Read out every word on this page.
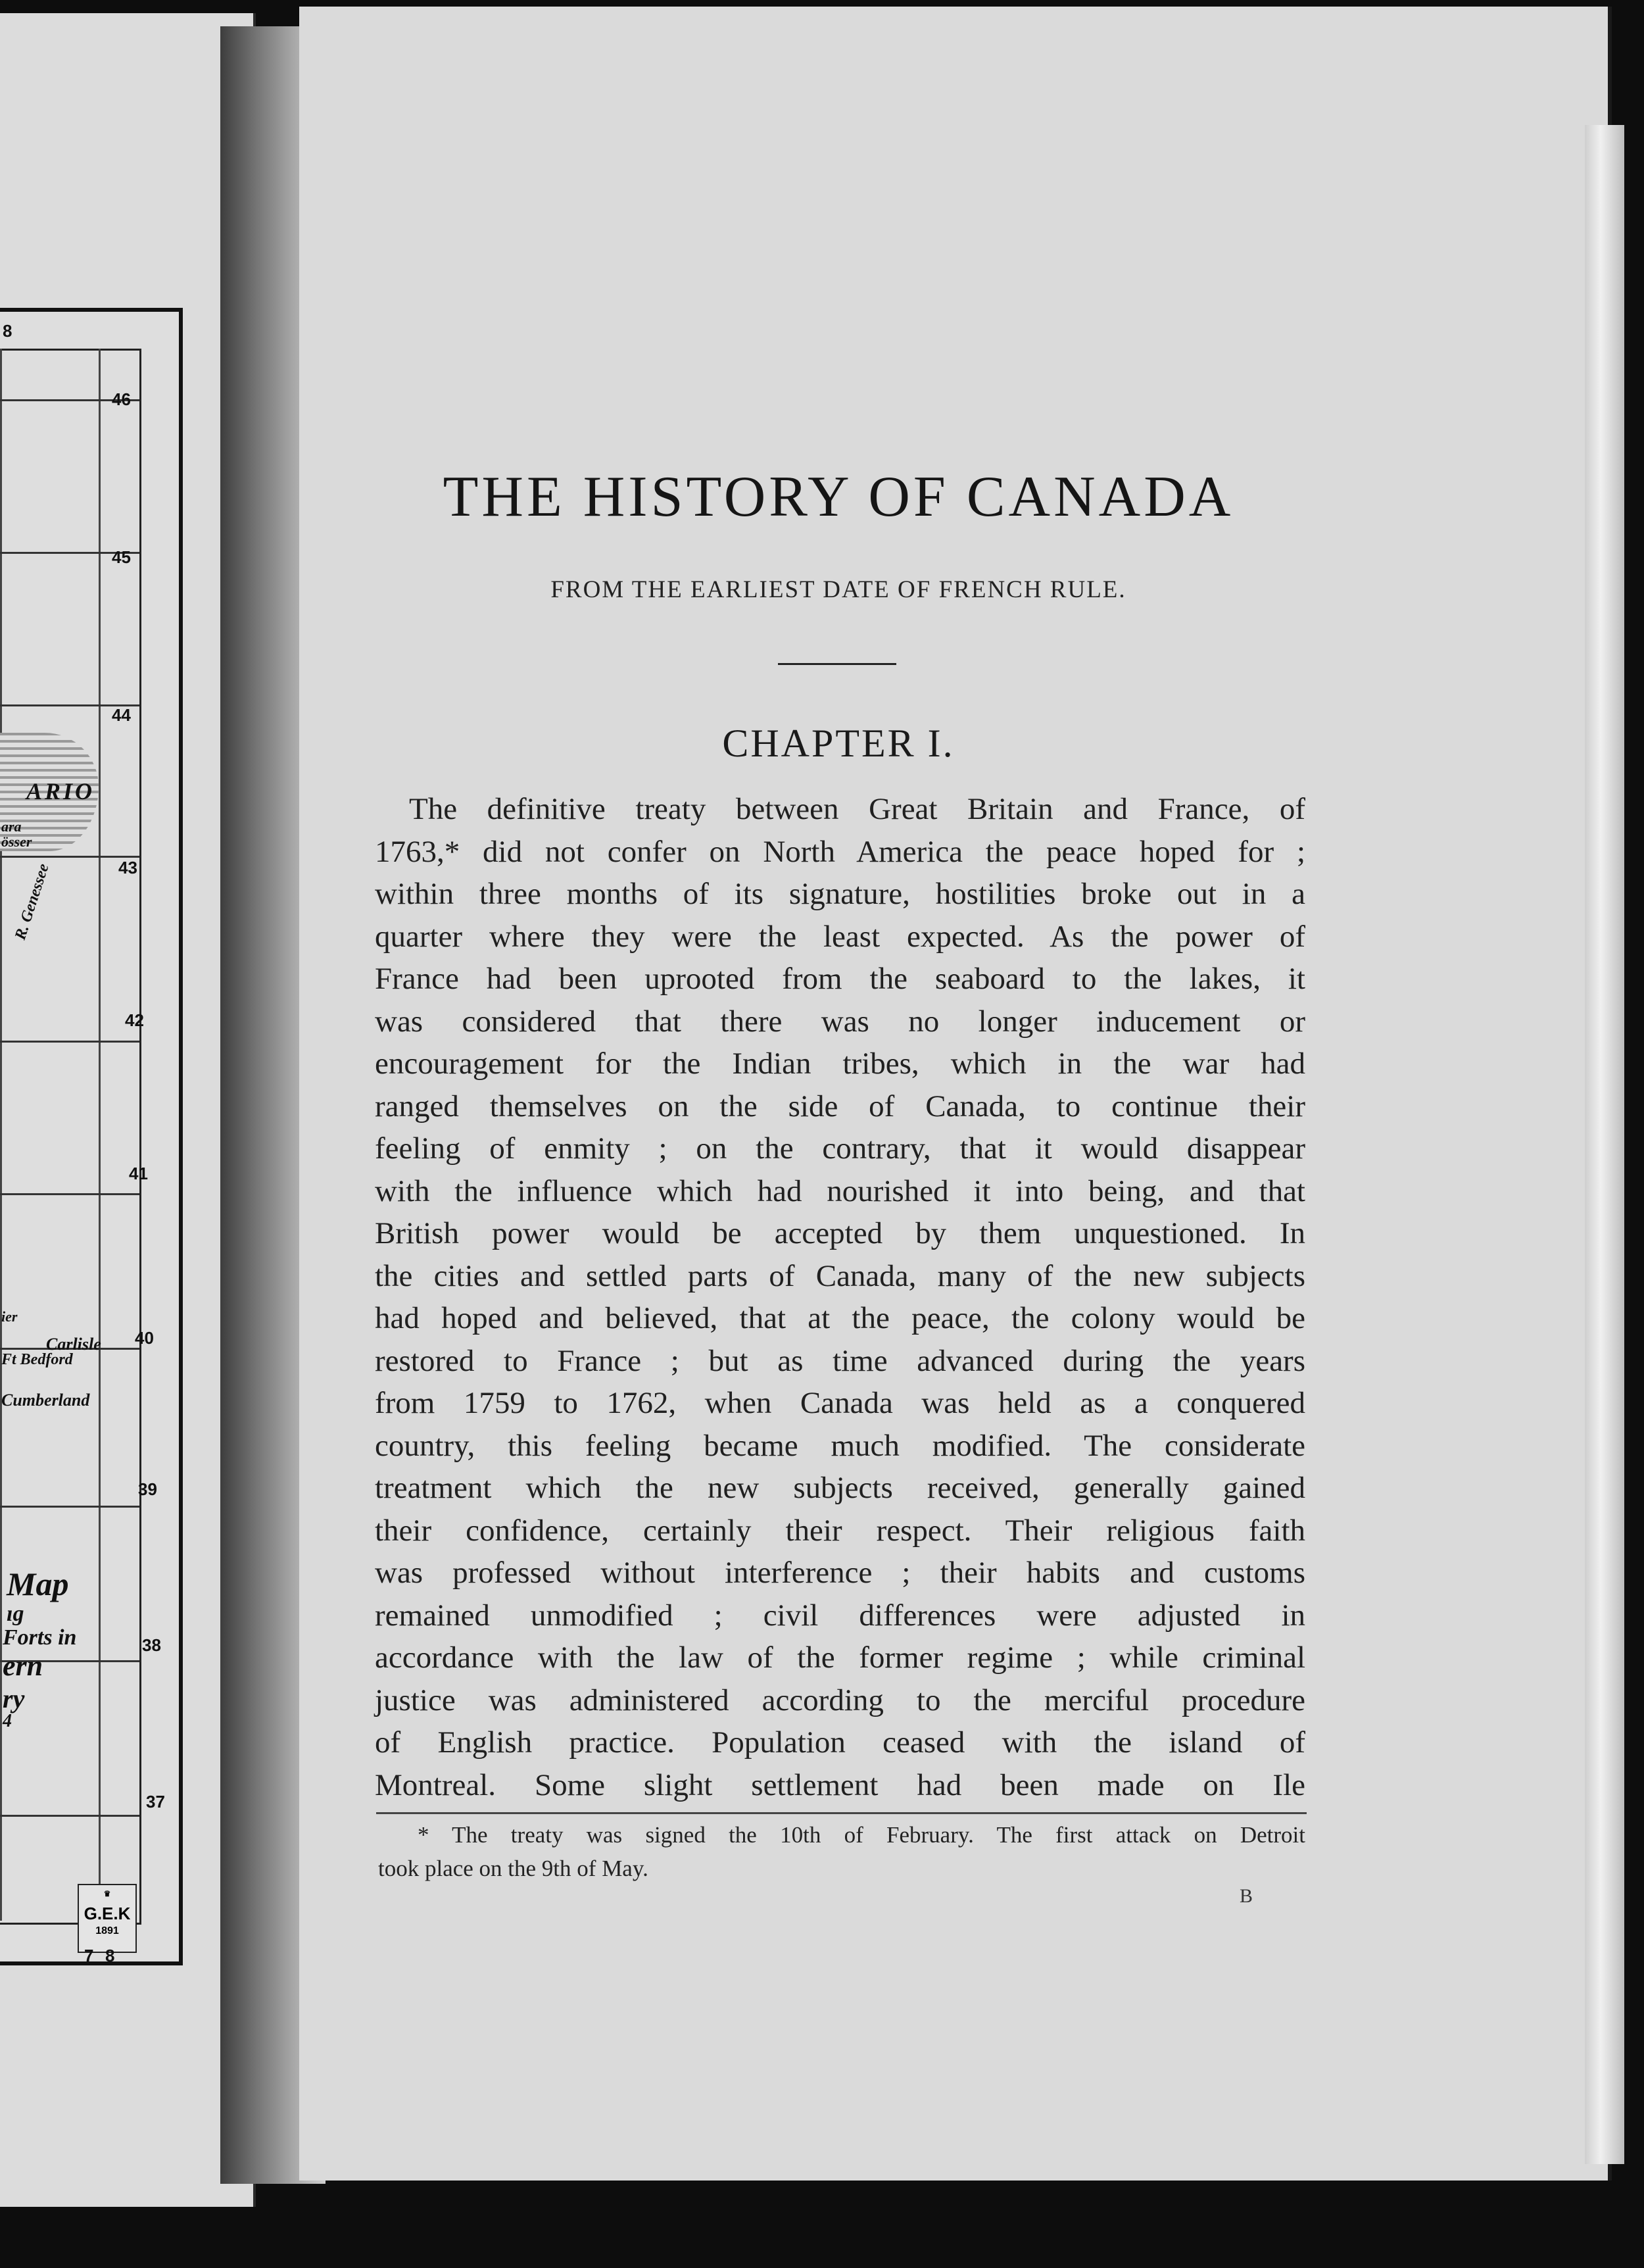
8
46
45
44
43
42
41
40
39
38
37
ARIO
ara
össer
R. Genessee
ier
Carlisle
Ft Bedford
Cumberland
Map
ıg
Forts in
ern
ry
4
♛
G.E.K
1891
7 8
THE HISTORY OF CANADA
FROM THE EARLIEST DATE OF FRENCH RULE.
CHAPTER I.
The definitive treaty between Great Britain and France, of
1763,* did not confer on North America the peace hoped for ;
within three months of its signature, hostilities broke out in a
quarter where they were the least expected. As the power of
France had been uprooted from the seaboard to the lakes, it
was considered that there was no longer inducement or
encouragement for the Indian tribes, which in the war had
ranged themselves on the side of Canada, to continue their
feeling of enmity ; on the contrary, that it would disappear
with the influence which had nourished it into being, and that
British power would be accepted by them unquestioned. In
the cities and settled parts of Canada, many of the new subjects
had hoped and believed, that at the peace, the colony would be
restored to France ; but as time advanced during the years
from 1759 to 1762, when Canada was held as a conquered
country, this feeling became much modified. The considerate
treatment which the new subjects received, generally gained
their confidence, certainly their respect. Their religious faith
was professed without interference ; their habits and customs
remained unmodified ; civil differences were adjusted in
accordance with the law of the former regime ; while criminal
justice was administered according to the merciful procedure
of English practice. Population ceased with the island of
Montreal. Some slight settlement had been made on Ile
* The treaty was signed the 10th of February. The first attack on Detroit
took place on the 9th of May.
B
